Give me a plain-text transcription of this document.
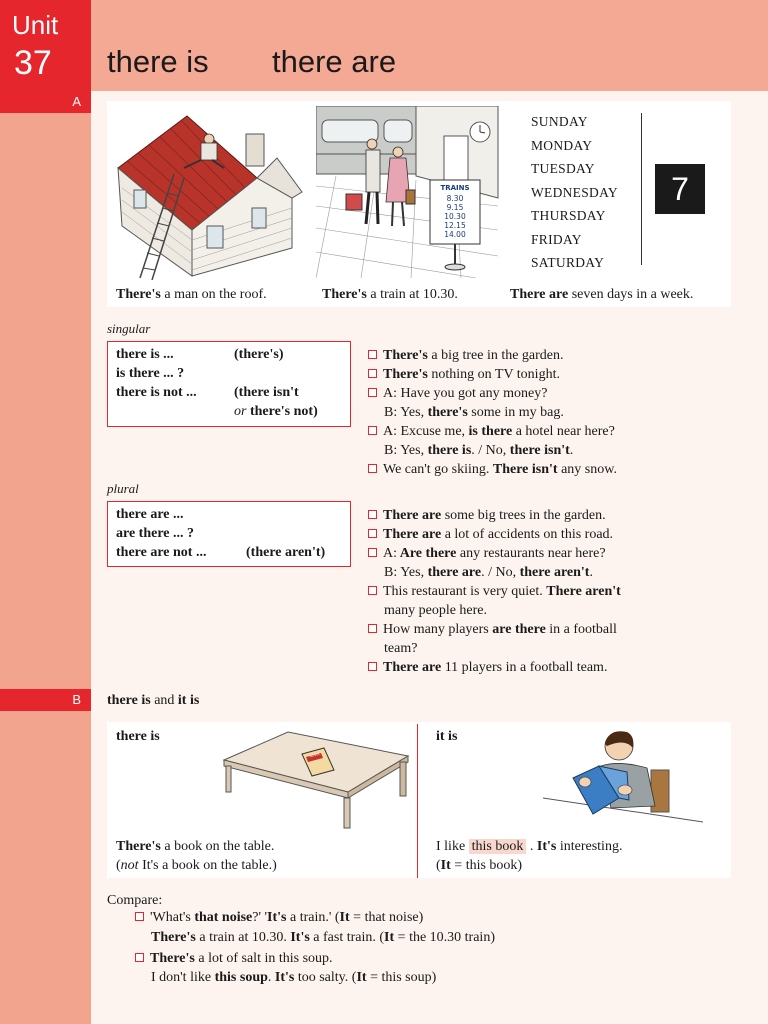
Unit
37 there is there are
A
TRAINS
8.30
9.15
10.30
12.15
14.00
SUNDAY
MONDAY
TUESDAY
WEDNESDAY
THURSDAY
FRIDAY
SATURDAY
7
There's a man on the roof.	There's a train at 10.30.	There are seven days in a week.
singular
there is ...	(there's)
is there ... ?
there is not ...	(there isn't
or there's not)
There's a big tree in the garden.
There's nothing on TV tonight.
A: Have you got any money?
B: Yes, there's some in my bag.
A: Excuse me, is there a hotel near here?
B: Yes, there is. / No, there isn't.
We can't go skiing. There isn't any snow.
plural
there are ...
are there ... ?
there are not ...	(there aren't)
There are some big trees in the garden.
There are a lot of accidents on this road.
A: Are there any restaurants near here?
B: Yes, there are. / No, there aren't.
This restaurant is very quiet. There aren't
many people here.
How many players are there in a football
team?
There are 11 players in a football team.
B	there is and it is
there is
NOVEL
There's a book on the table.
(not It's a book on the table.)
it is
I like this book . It's interesting.
(It = this book)
Compare:
'What's that noise?' 'It's a train.' (It = that noise)
There's a train at 10.30. It's a fast train. (It = the 10.30 train)
There's a lot of salt in this soup.
I don't like this soup. It's too salty. (It = this soup)
